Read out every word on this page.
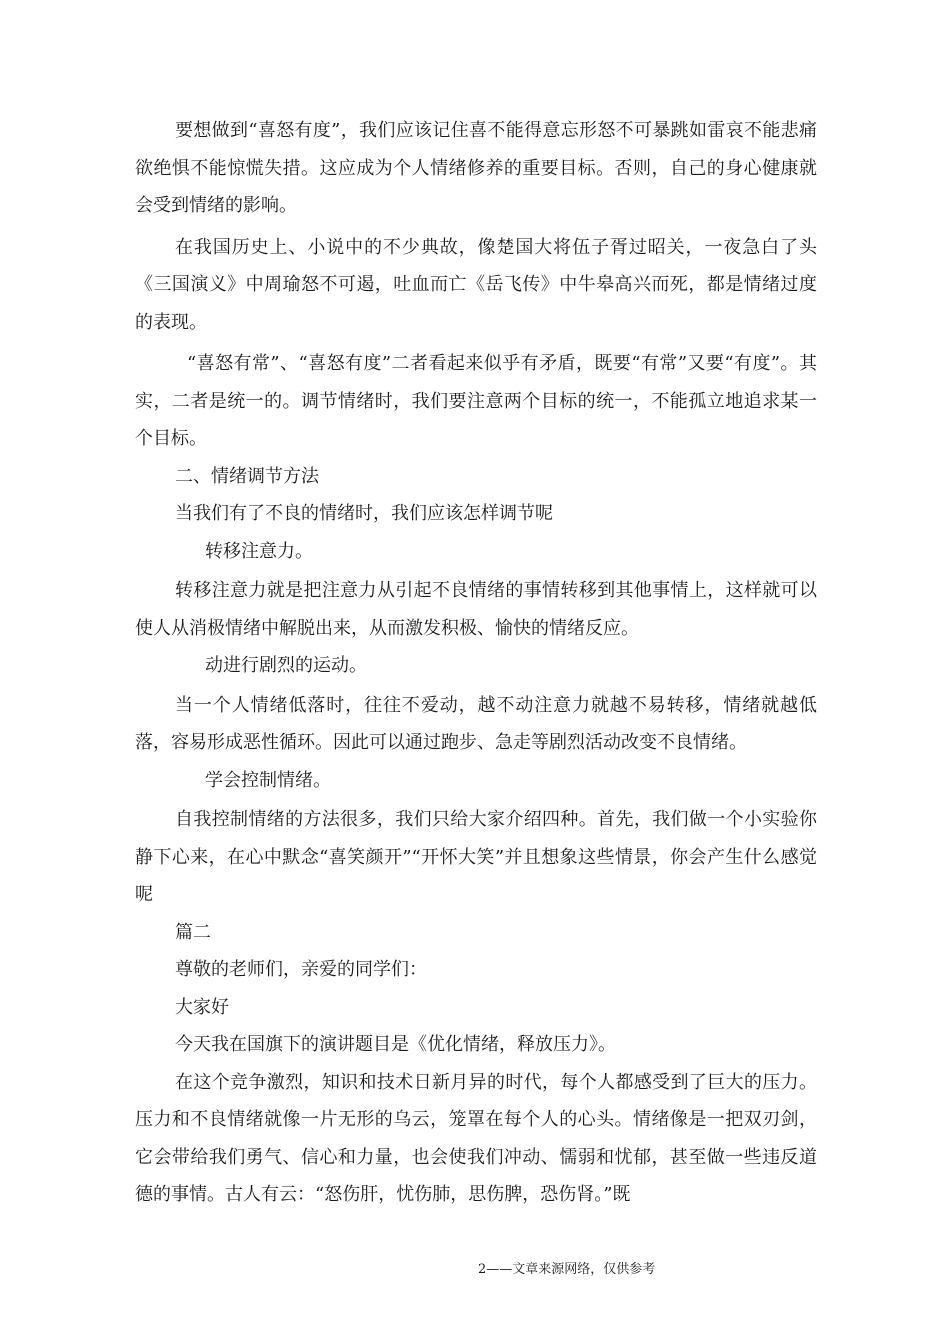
要想做到“喜怒有度”，我们应该记住喜不能得意忘形怒不可暴跳如雷哀不能悲痛欲绝惧不能惊慌失措。这应成为个人情绪修养的重要目标。否则，自己的身心健康就会受到情绪的影响。

在我国历史上、小说中的不少典故，像楚国大将伍子胥过昭关，一夜急白了头《三国演义》中周瑜怒不可遏，吐血而亡《岳飞传》中牛皋高兴而死，都是情绪过度的表现。

“喜怒有常”、“喜怒有度”二者看起来似乎有矛盾，既要“有常”又要“有度”。其实，二者是统一的。调节情绪时，我们要注意两个目标的统一，不能孤立地追求某一个目标。

二、情绪调节方法

当我们有了不良的情绪时，我们应该怎样调节呢

转移注意力。

转移注意力就是把注意力从引起不良情绪的事情转移到其他事情上，这样就可以使人从消极情绪中解脱出来，从而激发积极、愉快的情绪反应。

动进行剧烈的运动。

当一个人情绪低落时，往往不爱动，越不动注意力就越不易转移，情绪就越低落，容易形成恶性循环。因此可以通过跑步、急走等剧烈活动改变不良情绪。

学会控制情绪。

自我控制情绪的方法很多，我们只给大家介绍四种。首先，我们做一个小实验你静下心来，在心中默念“喜笑颜开”“开怀大笑”并且想象这些情景，你会产生什么感觉呢

篇二

尊敬的老师们，亲爱的同学们：

大家好

今天我在国旗下的演讲题目是《优化情绪，释放压力》。

在这个竞争激烈，知识和技术日新月异的时代，每个人都感受到了巨大的压力。压力和不良情绪就像一片无形的乌云，笼罩在每个人的心头。情绪像是一把双刃剑，它会带给我们勇气、信心和力量，也会使我们冲动、懦弱和忧郁，甚至做一些违反道德的事情。古人有云：“怒伤肝，忧伤肺，思伤脾，恐伤肾。”既

2——文章来源网络，仅供参考
